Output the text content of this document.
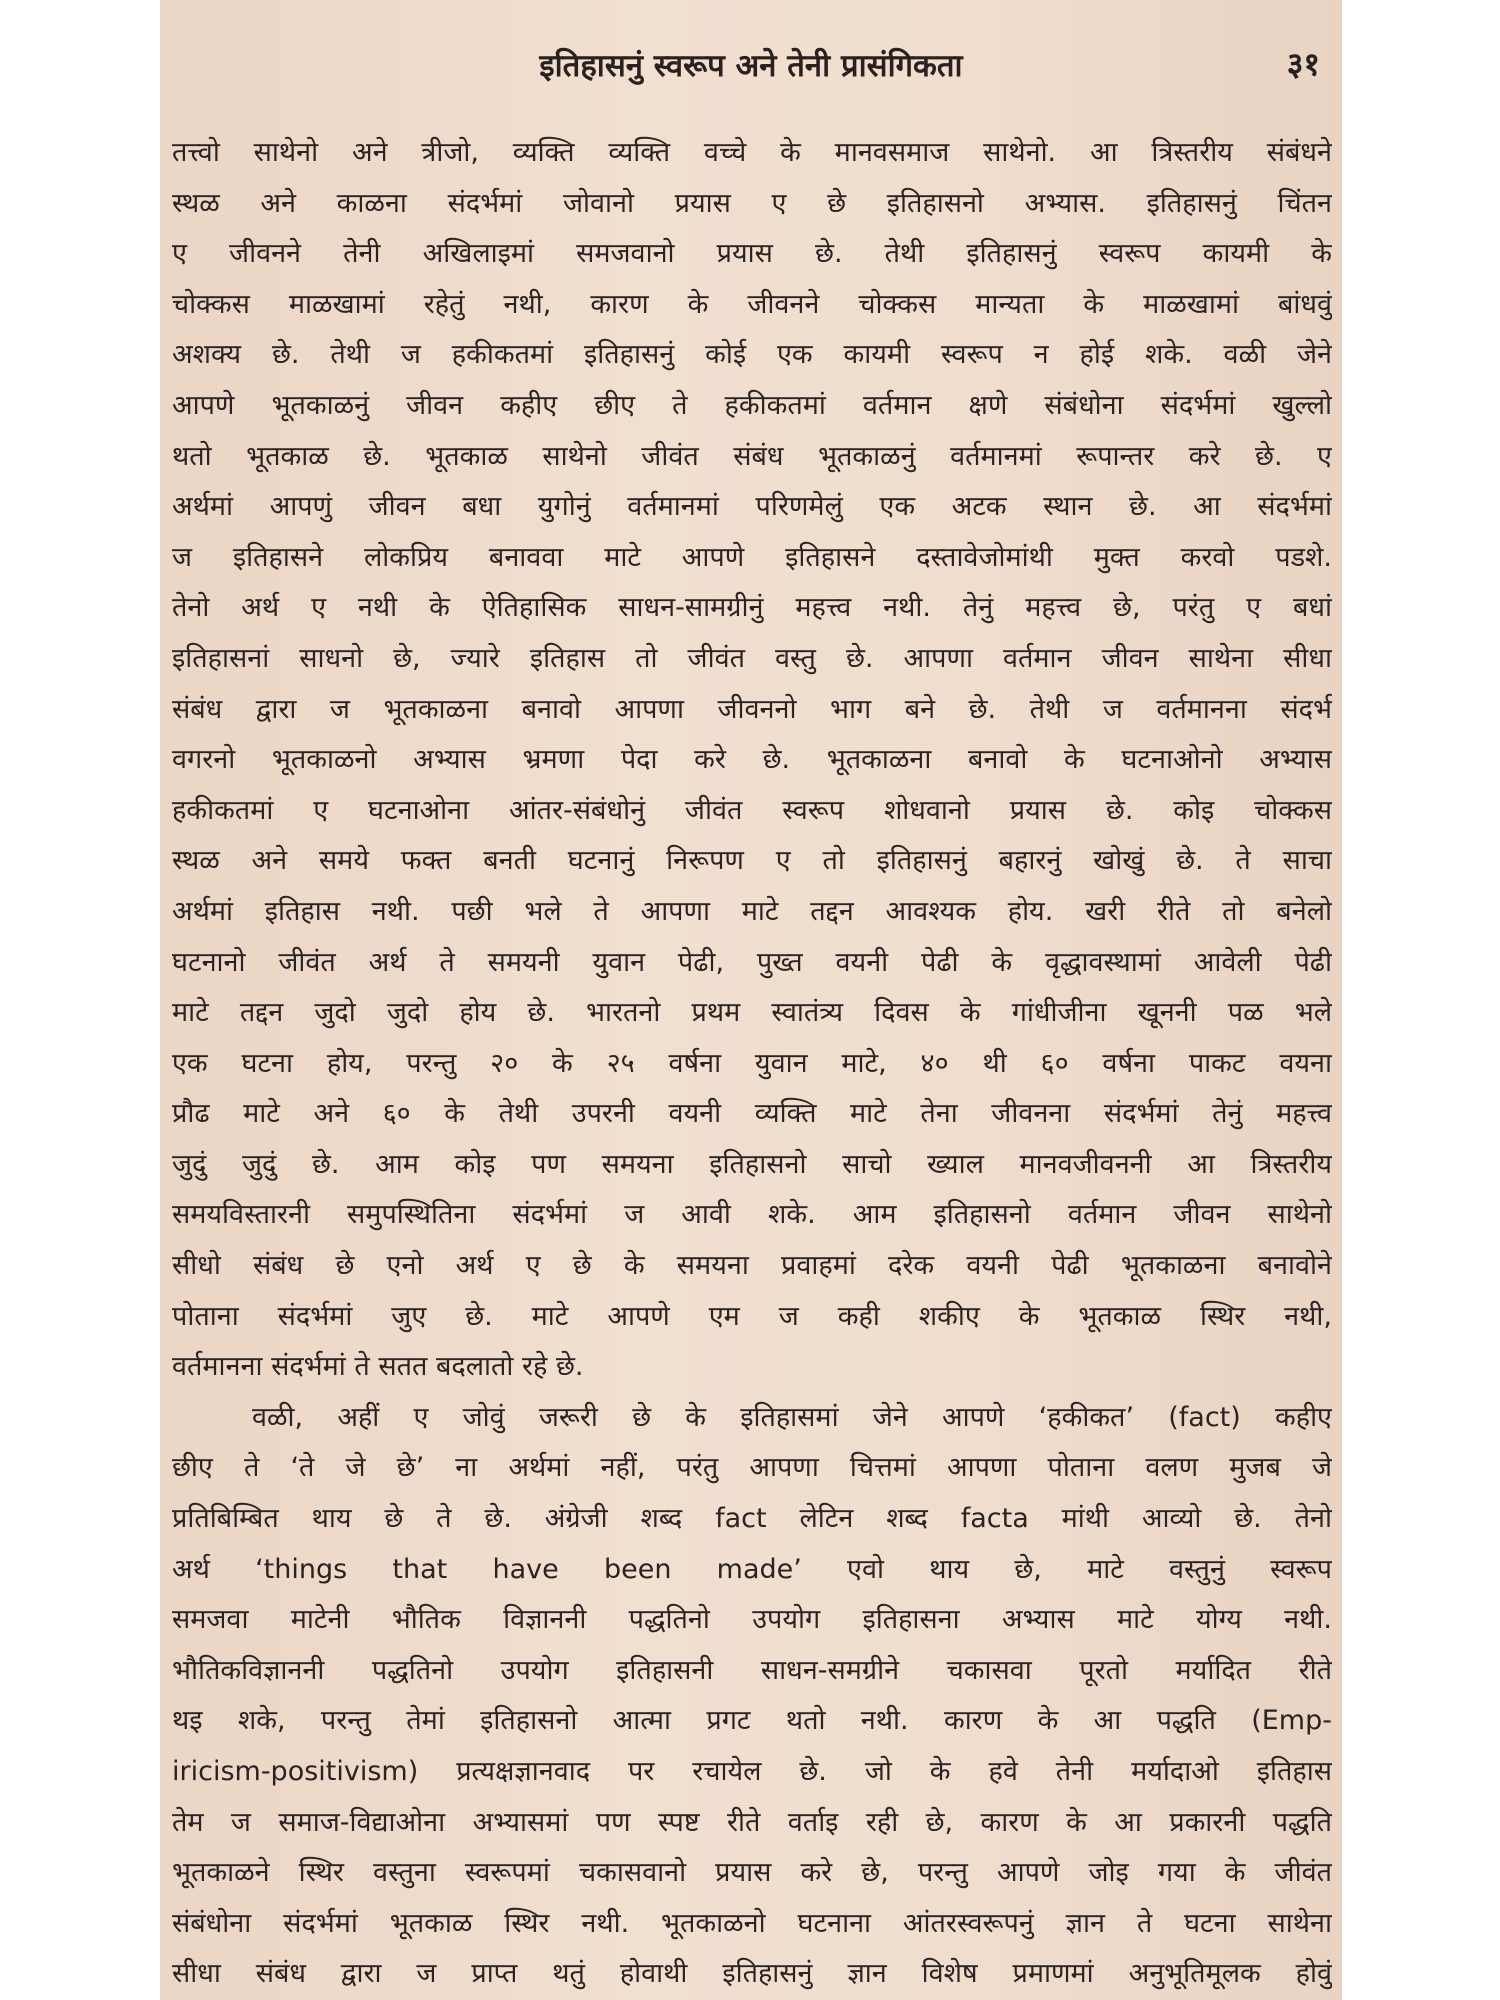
इतिहासनुं स्वरूप अने तेनी प्रासंगिकता	३१
तत्त्वो साथेनो अने त्रीजो, व्यक्ति व्यक्ति वच्चे के मानवसमाज साथेनो. आ त्रिस्तरीय संबंधने
स्थळ अने काळना संदर्भमां जोवानो प्रयास ए छे इतिहासनो अभ्यास. इतिहासनुं चिंतन
ए जीवनने तेनी अखिलाइमां समजवानो प्रयास छे. तेथी इतिहासनुं स्वरूप कायमी के
चोक्कस माळखामां रहेतुं नथी, कारण के जीवनने चोक्कस मान्यता के माळखामां बांधवुं
अशक्य छे. तेथी ज हकीकतमां इतिहासनुं कोई एक कायमी स्वरूप न होई शके. वळी जेने
आपणे भूतकाळनुं जीवन कहीए छीए ते हकीकतमां वर्तमान क्षणे संबंधोना संदर्भमां खुल्लो
थतो भूतकाळ छे. भूतकाळ साथेनो जीवंत संबंध भूतकाळनुं वर्तमानमां रूपान्तर करे छे. ए
अर्थमां आपणुं जीवन बधा युगोनुं वर्तमानमां परिणमेलुं एक अटक स्थान छे. आ संदर्भमां
ज इतिहासने लोकप्रिय बनाववा माटे आपणे इतिहासने दस्तावेजोमांथी मुक्त करवो पडशे.
तेनो अर्थ ए नथी के ऐतिहासिक साधन-सामग्रीनुं महत्त्व नथी. तेनुं महत्त्व छे, परंतु ए बधां
इतिहासनां साधनो छे, ज्यारे इतिहास तो जीवंत वस्तु छे. आपणा वर्तमान जीवन साथेना सीधा
संबंध द्वारा ज भूतकाळना बनावो आपणा जीवननो भाग बने छे. तेथी ज वर्तमानना संदर्भ
वगरनो भूतकाळनो अभ्यास भ्रमणा पेदा करे छे. भूतकाळना बनावो के घटनाओनो अभ्यास
हकीकतमां ए घटनाओना आंतर-संबंधोनुं जीवंत स्वरूप शोधवानो प्रयास छे. कोइ चोक्कस
स्थळ अने समये फक्त बनती घटनानुं निरूपण ए तो इतिहासनुं बहारनुं खोखुं छे. ते साचा
अर्थमां इतिहास नथी. पछी भले ते आपणा माटे तद्दन आवश्यक होय. खरी रीते तो बनेलो
घटनानो जीवंत अर्थ ते समयनी युवान पेढी, पुख्त वयनी पेढी के वृद्धावस्थामां आवेली पेढी
माटे तद्दन जुदो जुदो होय छे. भारतनो प्रथम स्वातंत्र्य दिवस के गांधीजीना खूननी पळ भले
एक घटना होय, परन्तु २० के २५ वर्षना युवान माटे, ४० थी ६० वर्षना पाकट वयना
प्रौढ माटे अने ६० के तेथी उपरनी वयनी व्यक्ति माटे तेना जीवनना संदर्भमां तेनुं महत्त्व
जुदुं जुदुं छे. आम कोइ पण समयना इतिहासनो साचो ख्याल मानवजीवननी आ त्रिस्तरीय
समयविस्तारनी समुपस्थितिना संदर्भमां ज आवी शके. आम इतिहासनो वर्तमान जीवन साथेनो
सीधो संबंध छे एनो अर्थ ए छे के समयना प्रवाहमां दरेक वयनी पेढी भूतकाळना बनावोने
पोताना संदर्भमां जुए छे. माटे आपणे एम ज कही शकीए के भूतकाळ स्थिर नथी,
वर्तमानना संदर्भमां ते सतत बदलातो रहे छे.
वळी, अहीं ए जोवुं जरूरी छे के इतिहासमां जेने आपणे ‘हकीकत’ (fact) कहीए
छीए ते ‘ते जे छे’ ना अर्थमां नहीं, परंतु आपणा चित्तमां आपणा पोताना वलण मुजब जे
प्रतिबिम्बित थाय छे ते छे. अंग्रेजी शब्द fact लेटिन शब्द facta मांथी आव्यो छे. तेनो
अर्थ ‘things that have been made’ एवो थाय छे, माटे वस्तुनुं स्वरूप
समजवा माटेनी भौतिक विज्ञाननी पद्धतिनो उपयोग इतिहासना अभ्यास माटे योग्य नथी.
भौतिकविज्ञाननी पद्धतिनो उपयोग इतिहासनी साधन-समग्रीने चकासवा पूरतो मर्यादित रीते
थइ शके, परन्तु तेमां इतिहासनो आत्मा प्रगट थतो नथी. कारण के आ पद्धति (Emp-
iricism-positivism) प्रत्यक्षज्ञानवाद पर रचायेल छे. जो के हवे तेनी मर्यादाओ इतिहास
तेम ज समाज-विद्याओना अभ्यासमां पण स्पष्ट रीते वर्ताइ रही छे, कारण के आ प्रकारनी पद्धति
भूतकाळने स्थिर वस्तुना स्वरूपमां चकासवानो प्रयास करे छे, परन्तु आपणे जोइ गया के जीवंत
संबंधोना संदर्भमां भूतकाळ स्थिर नथी. भूतकाळनो घटनाना आंतरस्वरूपनुं ज्ञान ते घटना साथेना
सीधा संबंध द्वारा ज प्राप्त थतुं होवाथी इतिहासनुं ज्ञान विशेष प्रमाणमां अनुभूतिमूलक होवुं
